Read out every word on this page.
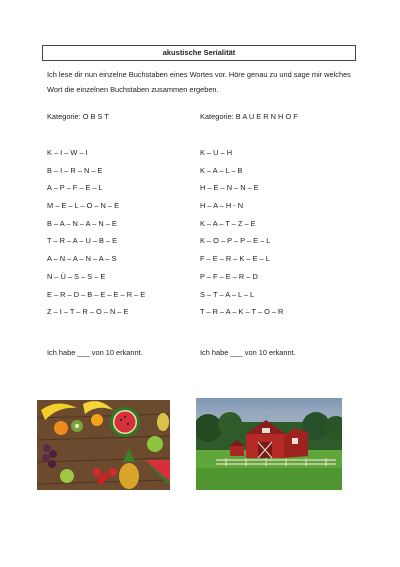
akustische Serialität
Ich lese dir nun einzelne Buchstaben eines Wortes vor. Höre genau zu und sage mir welches Wort die einzelnen Buchstaben zusammen ergeben.
Kategorie: O B S T
K – I – W – I
B – I – R – N – E
A – P – F – E – L
M – E – L – O – N – E
B – A – N – A – N – E
T – R – A – U – B – E
A – N – A – N – A – S
N – Ü – S – S – E
E – R – D – B – E – E – R – E
Z – I – T – R – O – N – E
Kategorie: B A U E R N H O F
K – U – H
K – A – L – B
H – E – N – N – E
H – A – H - N
K – A – T – Z – E
K – O – P – P – E – L
F – E – R – K – E – L
P – F – E – R – D
S – T – A – L – L
T – R – A – K – T – O – R
Ich habe ___ von 10 erkannt.	Ich habe ___ von 10 erkannt.
